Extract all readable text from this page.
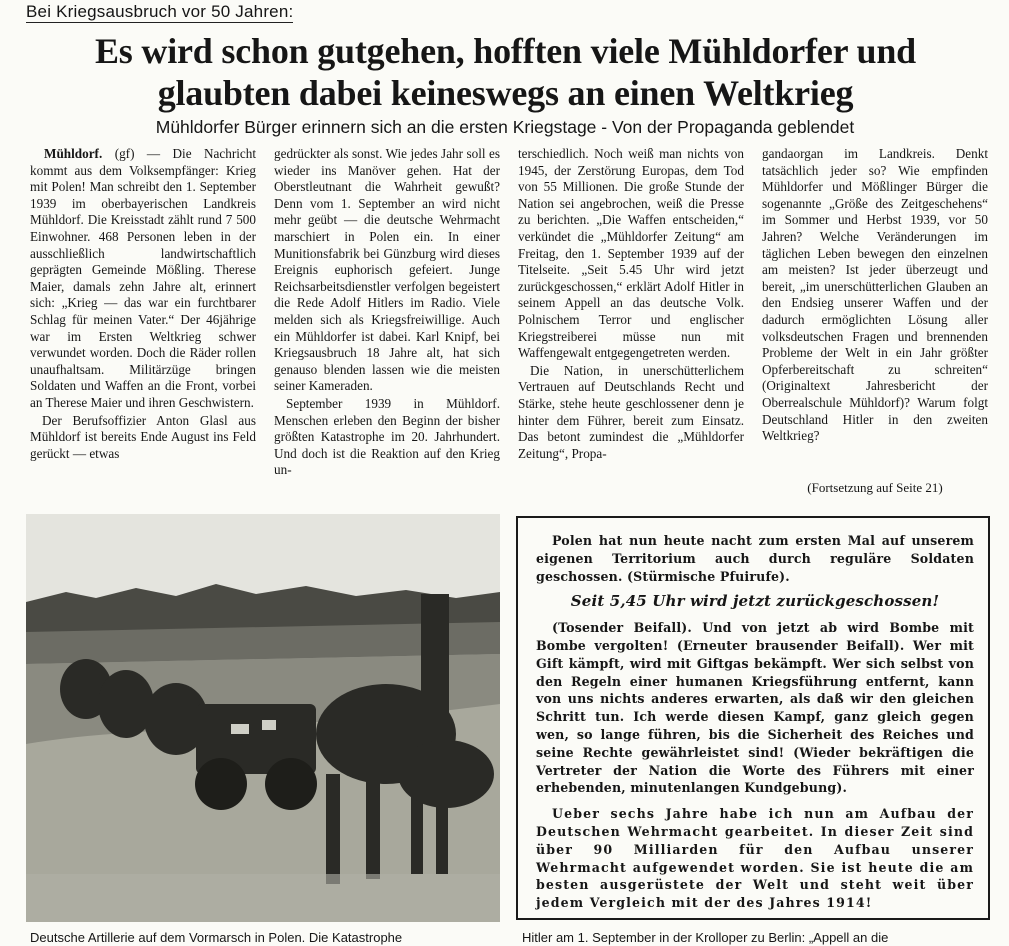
Bei Kriegsausbruch vor 50 Jahren:
Es wird schon gutgehen, hofften viele Mühldorfer und
glaubten dabei keineswegs an einen Weltkrieg
Mühldorfer Bürger erinnern sich an die ersten Kriegstage - Von der Propaganda geblendet

Mühldorf. (gf) — Die Nachricht kommt aus dem Volksempfänger: Krieg mit Polen! Man schreibt den 1. September 1939 im oberbayerischen Landkreis Mühldorf. Die Kreisstadt zählt rund 7 500 Einwohner. 468 Personen leben in der ausschließlich landwirtschaftlich geprägten Gemeinde Mößling. Therese Maier, damals zehn Jahre alt, erinnert sich: „Krieg — das war ein furchtbarer Schlag für meinen Vater.“ Der 46jährige war im Ersten Weltkrieg schwer verwundet worden. Doch die Räder rollen unaufhaltsam. Militärzüge bringen Soldaten und Waffen an die Front, vorbei an Therese Maier und ihren Geschwistern.

Der Berufsoffizier Anton Glasl aus Mühldorf ist bereits Ende August ins Feld gerückt — etwas

gedrückter als sonst. Wie jedes Jahr soll es wieder ins Manöver gehen. Hat der Oberstleutnant die Wahrheit gewußt? Denn vom 1. September an wird nicht mehr geübt — die deutsche Wehrmacht marschiert in Polen ein. In einer Munitionsfabrik bei Günzburg wird dieses Ereignis euphorisch gefeiert. Junge Reichsarbeitsdienstler verfolgen begeistert die Rede Adolf Hitlers im Radio. Viele melden sich als Kriegsfreiwillige. Auch ein Mühldorfer ist dabei. Karl Knipf, bei Kriegsausbruch 18 Jahre alt, hat sich genauso blenden lassen wie die meisten seiner Kameraden.

September 1939 in Mühldorf. Menschen erleben den Beginn der bisher größten Katastrophe im 20. Jahrhundert. Und doch ist die Reaktion auf den Krieg un-

terschiedlich. Noch weiß man nichts von 1945, der Zerstörung Europas, dem Tod von 55 Millionen. Die große Stunde der Nation sei angebrochen, weiß die Presse zu berichten. „Die Waffen entscheiden,“ verkündet die „Mühldorfer Zeitung“ am Freitag, den 1. September 1939 auf der Titelseite. „Seit 5.45 Uhr wird jetzt zurückgeschossen,“ erklärt Adolf Hitler in seinem Appell an das deutsche Volk. Polnischem Terror und englischer Kriegstreiberei müsse nun mit Waffengewalt entgegengetreten werden.

Die Nation, in unerschütterlichem Vertrauen auf Deutschlands Recht und Stärke, stehe heute geschlossener denn je hinter dem Führer, bereit zum Einsatz. Das betont zumindest die „Mühldorfer Zeitung“, Propa-

gandaorgan im Landkreis. Denkt tatsächlich jeder so? Wie empfinden Mühldorfer und Mößlinger Bürger die sogenannte „Größe des Zeitgeschehens“ im Sommer und Herbst 1939, vor 50 Jahren? Welche Veränderungen im täglichen Leben bewegen den einzelnen am meisten? Ist jeder überzeugt und bereit, „im unerschütterlichen Glauben an den Endsieg unserer Waffen und der dadurch ermöglichten Lösung aller volksdeutschen Fragen und brennenden Probleme der Welt in ein Jahr größter Opferbereitschaft zu schreiten“ (Originaltext Jahresbericht der Oberrealschule Mühldorf)? Warum folgt Deutschland Hitler in den zweiten Weltkrieg?

(Fortsetzung auf Seite 21)

Polen hat nun heute nacht zum ersten Mal auf unserem eigenen Territorium auch durch reguläre Soldaten geschossen. (Stürmische Pfuirufe).

Seit 5,45 Uhr wird jetzt zurückgeschossen!

(Tosender Beifall). Und von jetzt ab wird Bombe mit Bombe vergolten! (Erneuter brausender Beifall). Wer mit Gift kämpft, wird mit Giftgas bekämpft. Wer sich selbst von den Regeln einer humanen Kriegsführung entfernt, kann von uns nichts anderes erwarten, als daß wir den gleichen Schritt tun. Ich werde diesen Kampf, ganz gleich gegen wen, so lange führen, bis die Sicherheit des Reiches und seine Rechte gewährleistet sind! (Wieder bekräftigen die Vertreter der Nation die Worte des Führers mit einer erhebenden, minutenlangen Kundgebung).

Ueber sechs Jahre habe ich nun am Aufbau der Deutschen Wehrmacht gearbeitet. In dieser Zeit sind über 90 Milliarden für den Aufbau unserer Wehrmacht aufgewendet worden. Sie ist heute die am besten ausgerüstete der Welt und steht weit über jedem Vergleich mit der des Jahres 1914!

Deutsche Artillerie auf dem Vormarsch in Polen. Die Katastrophe	Hitler am 1. September in der Krolloper zu Berlin: „Appell an die
